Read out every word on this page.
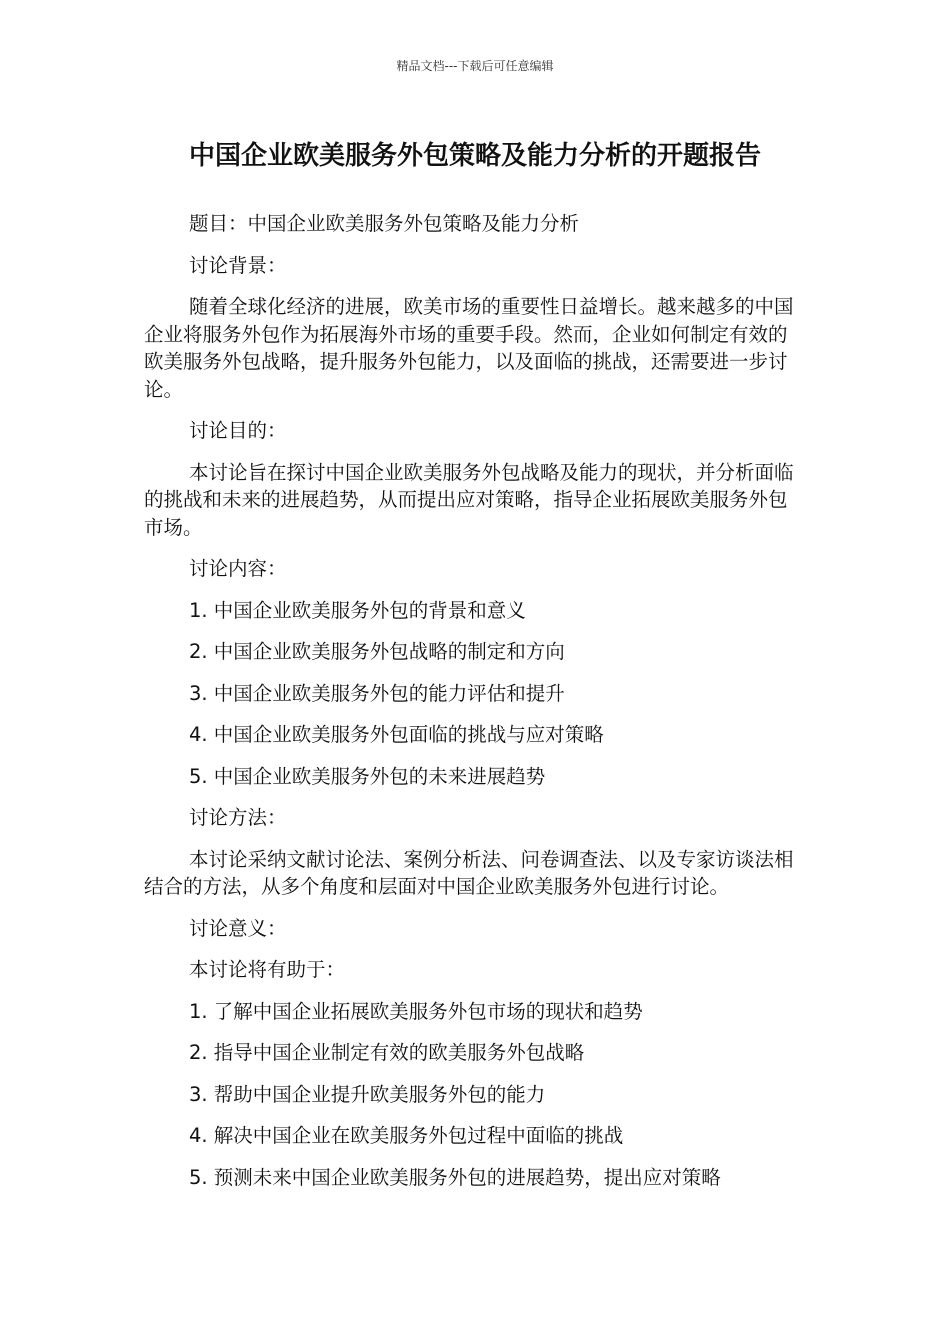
精品文档---下载后可任意编辑
中国企业欧美服务外包策略及能力分析的开题报告

题目：中国企业欧美服务外包策略及能力分析

讨论背景：

随着全球化经济的进展，欧美市场的重要性日益增长。越来越多的中国企业将服务外包作为拓展海外市场的重要手段。然而，企业如何制定有效的欧美服务外包战略，提升服务外包能力，以及面临的挑战，还需要进一步讨论。

讨论目的：

本讨论旨在探讨中国企业欧美服务外包战略及能力的现状，并分析面临的挑战和未来的进展趋势，从而提出应对策略，指导企业拓展欧美服务外包市场。

讨论内容：

1. 中国企业欧美服务外包的背景和意义

2. 中国企业欧美服务外包战略的制定和方向

3. 中国企业欧美服务外包的能力评估和提升

4. 中国企业欧美服务外包面临的挑战与应对策略

5. 中国企业欧美服务外包的未来进展趋势

讨论方法：

本讨论采纳文献讨论法、案例分析法、问卷调查法、以及专家访谈法相结合的方法，从多个角度和层面对中国企业欧美服务外包进行讨论。

讨论意义：

本讨论将有助于：

1. 了解中国企业拓展欧美服务外包市场的现状和趋势

2. 指导中国企业制定有效的欧美服务外包战略

3. 帮助中国企业提升欧美服务外包的能力

4. 解决中国企业在欧美服务外包过程中面临的挑战

5. 预测未来中国企业欧美服务外包的进展趋势，提出应对策略
